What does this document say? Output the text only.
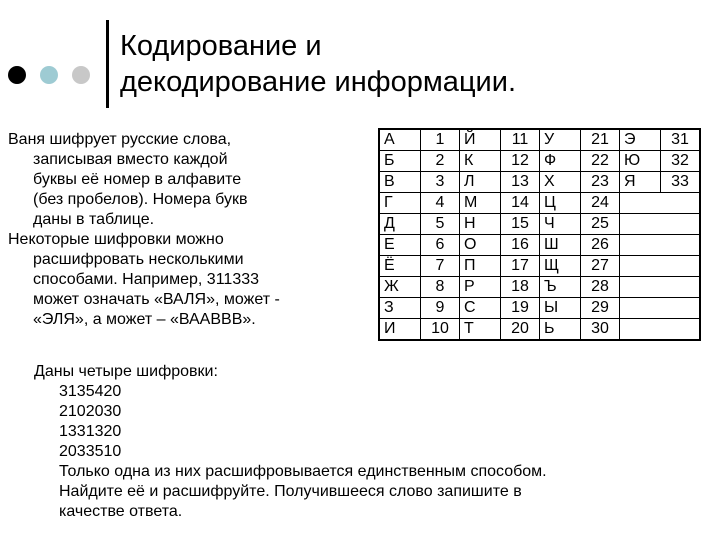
Кодирование и
декодирование информации.
Ваня шифрует русские слова,
записывая вместо каждой
буквы её номер в алфавите
(без пробелов). Номера букв
даны в таблице.
Некоторые шифровки можно
расшифровать несколькими
способами. Например, 311333
может означать «ВАЛЯ», может -
«ЭЛЯ», а может – «ВААВВВ».
А	1	Й	11	У	21	Э	31
Б	2	К	12	Ф	22	Ю	32
В	3	Л	13	Х	23	Я	33
Г	4	М	14	Ц	24		
Д	5	Н	15	Ч	25		
Е	6	О	16	Ш	26		
Ё	7	П	17	Щ	27		
Ж	8	Р	18	Ъ	28		
З	9	С	19	Ы	29		
И	10	Т	20	Ь	30		
Даны четыре шифровки:
3135420
2102030
1331320
2033510
Только одна из них расшифровывается единственным способом.
Найдите её и расшифруйте. Получившееся слово запишите в
качестве ответа.
